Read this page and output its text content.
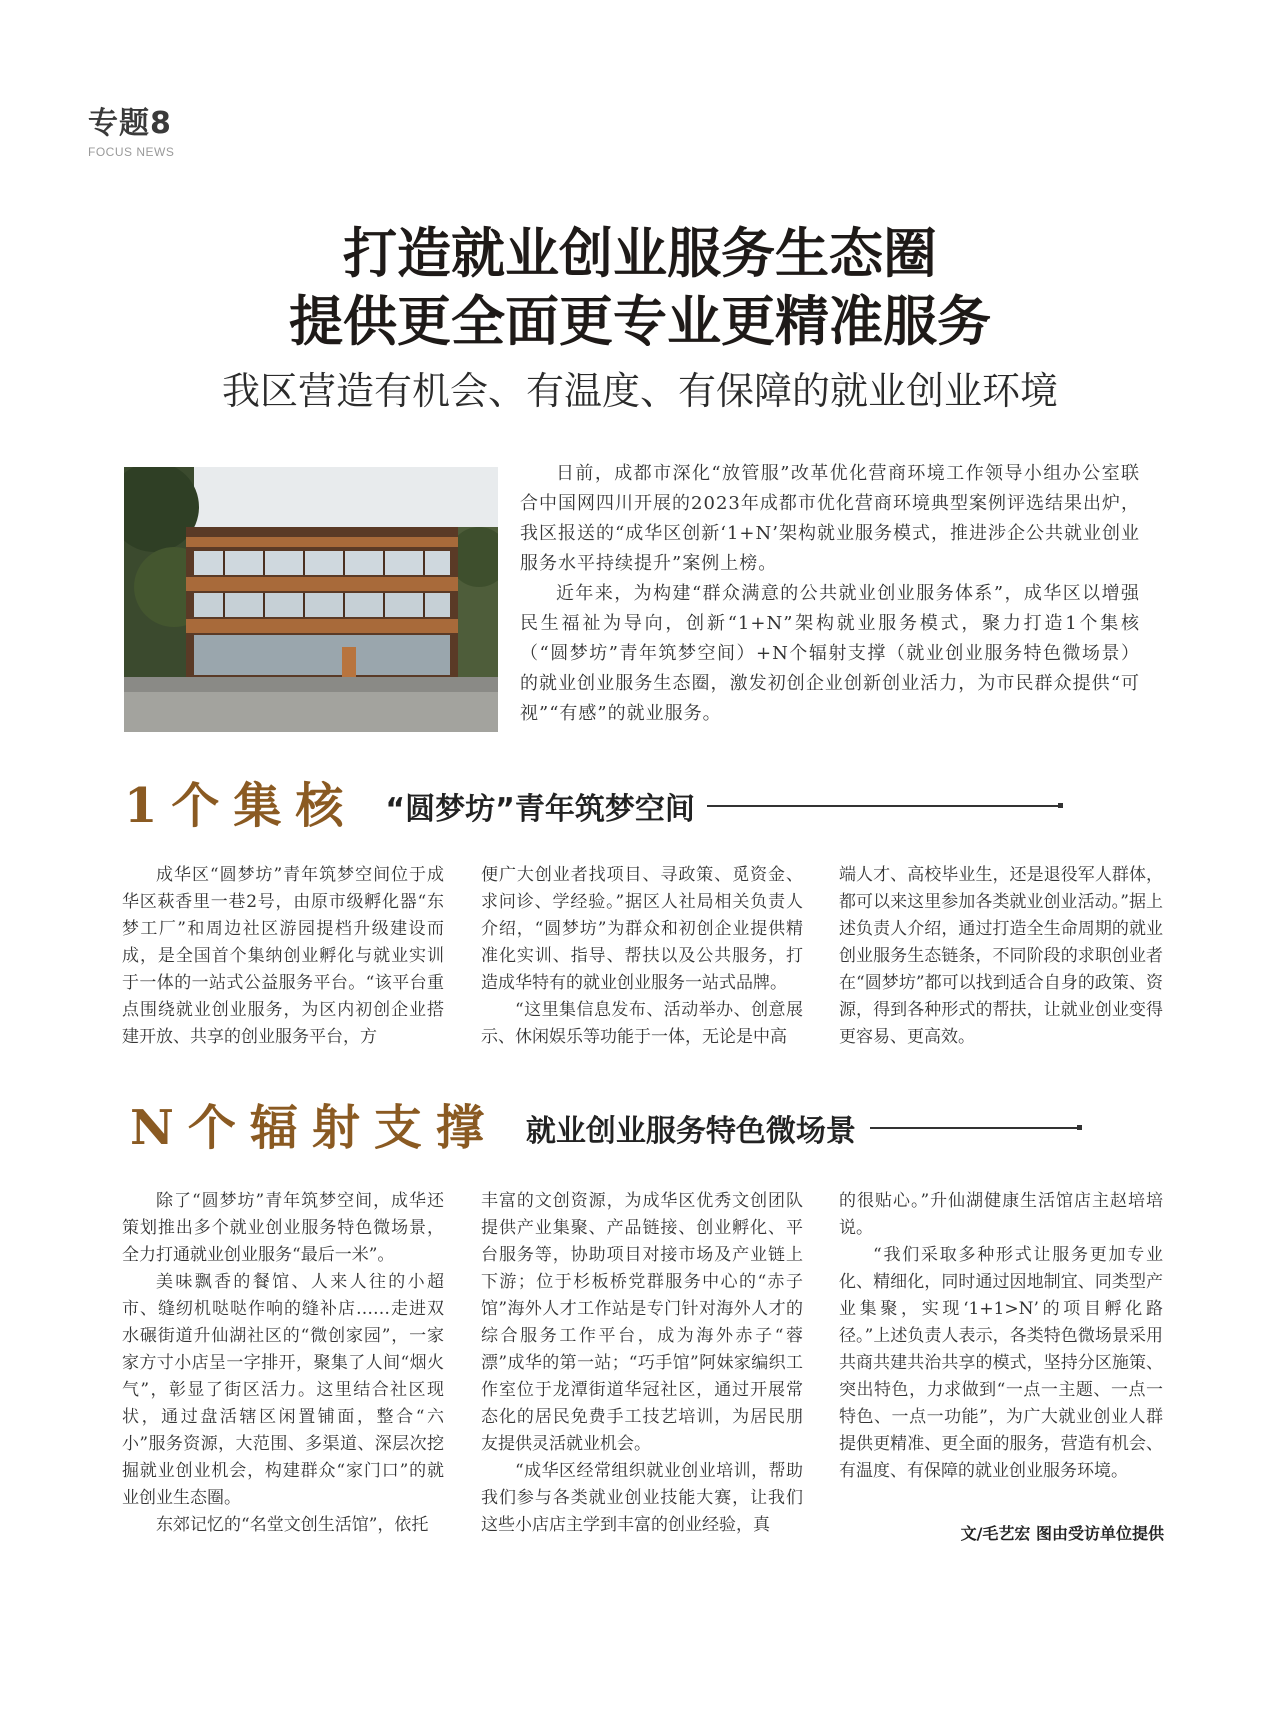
专题8
FOCUS NEWS
打造就业创业服务生态圈
提供更全面更专业更精准服务
我区营造有机会、有温度、有保障的就业创业环境

日前，成都市深化“放管服”改革优化营商环境工作领导小组办公室联合中国网四川开展的2023年成都市优化营商环境典型案例评选结果出炉，我区报送的“成华区创新‘1+N’架构就业服务模式，推进涉企公共就业创业服务水平持续提升”案例上榜。

近年来，为构建“群众满意的公共就业创业服务体系”，成华区以增强民生福祉为导向，创新“1+N”架构就业服务模式，聚力打造1个集核（“圆梦坊”青年筑梦空间）+N个辐射支撑（就业创业服务特色微场景）的就业创业服务生态圈，激发初创企业创新创业活力，为市民群众提供“可视”“有感”的就业服务。

1个集核 “圆梦坊”青年筑梦空间

成华区“圆梦坊”青年筑梦空间位于成华区萩香里一巷2号，由原市级孵化器“东梦工厂”和周边社区游园提档升级建设而成，是全国首个集纳创业孵化与就业实训于一体的一站式公益服务平台。“该平台重点围绕就业创业服务，为区内初创企业搭建开放、共享的创业服务平台，方

便广大创业者找项目、寻政策、觅资金、求问诊、学经验。”据区人社局相关负责人介绍，“圆梦坊”为群众和初创企业提供精准化实训、指导、帮扶以及公共服务，打造成华特有的就业创业服务一站式品牌。

“这里集信息发布、活动举办、创意展示、休闲娱乐等功能于一体，无论是中高

端人才、高校毕业生，还是退役军人群体，都可以来这里参加各类就业创业活动。”据上述负责人介绍，通过打造全生命周期的就业创业服务生态链条，不同阶段的求职创业者在“圆梦坊”都可以找到适合自身的政策、资源，得到各种形式的帮扶，让就业创业变得更容易、更高效。

N个辐射支撑 就业创业服务特色微场景

除了“圆梦坊”青年筑梦空间，成华还策划推出多个就业创业服务特色微场景，全力打通就业创业服务“最后一米”。

美味飘香的餐馆、人来人往的小超市、缝纫机哒哒作响的缝补店……走进双水碾街道升仙湖社区的“微创家园”，一家家方寸小店呈一字排开，聚集了人间“烟火气”，彰显了街区活力。这里结合社区现状，通过盘活辖区闲置铺面，整合“六小”服务资源，大范围、多渠道、深层次挖掘就业创业机会，构建群众“家门口”的就业创业生态圈。

东郊记忆的“名堂文创生活馆”，依托

丰富的文创资源，为成华区优秀文创团队提供产业集聚、产品链接、创业孵化、平台服务等，协助项目对接市场及产业链上下游；位于杉板桥党群服务中心的“赤子馆”海外人才工作站是专门针对海外人才的综合服务工作平台，成为海外赤子“蓉漂”成华的第一站；“巧手馆”阿妹家编织工作室位于龙潭街道华冠社区，通过开展常态化的居民免费手工技艺培训，为居民朋友提供灵活就业机会。

“成华区经常组织就业创业培训，帮助我们参与各类就业创业技能大赛，让我们这些小店店主学到丰富的创业经验，真

的很贴心。”升仙湖健康生活馆店主赵培培说。

“我们采取多种形式让服务更加专业化、精细化，同时通过因地制宜、同类型产业集聚，实现‘1+1>N’的项目孵化路径。”上述负责人表示，各类特色微场景采用共商共建共治共享的模式，坚持分区施策、突出特色，力求做到“一点一主题、一点一特色、一点一功能”，为广大就业创业人群提供更精准、更全面的服务，营造有机会、有温度、有保障的就业创业服务环境。

文/毛艺宏 图由受访单位提供
